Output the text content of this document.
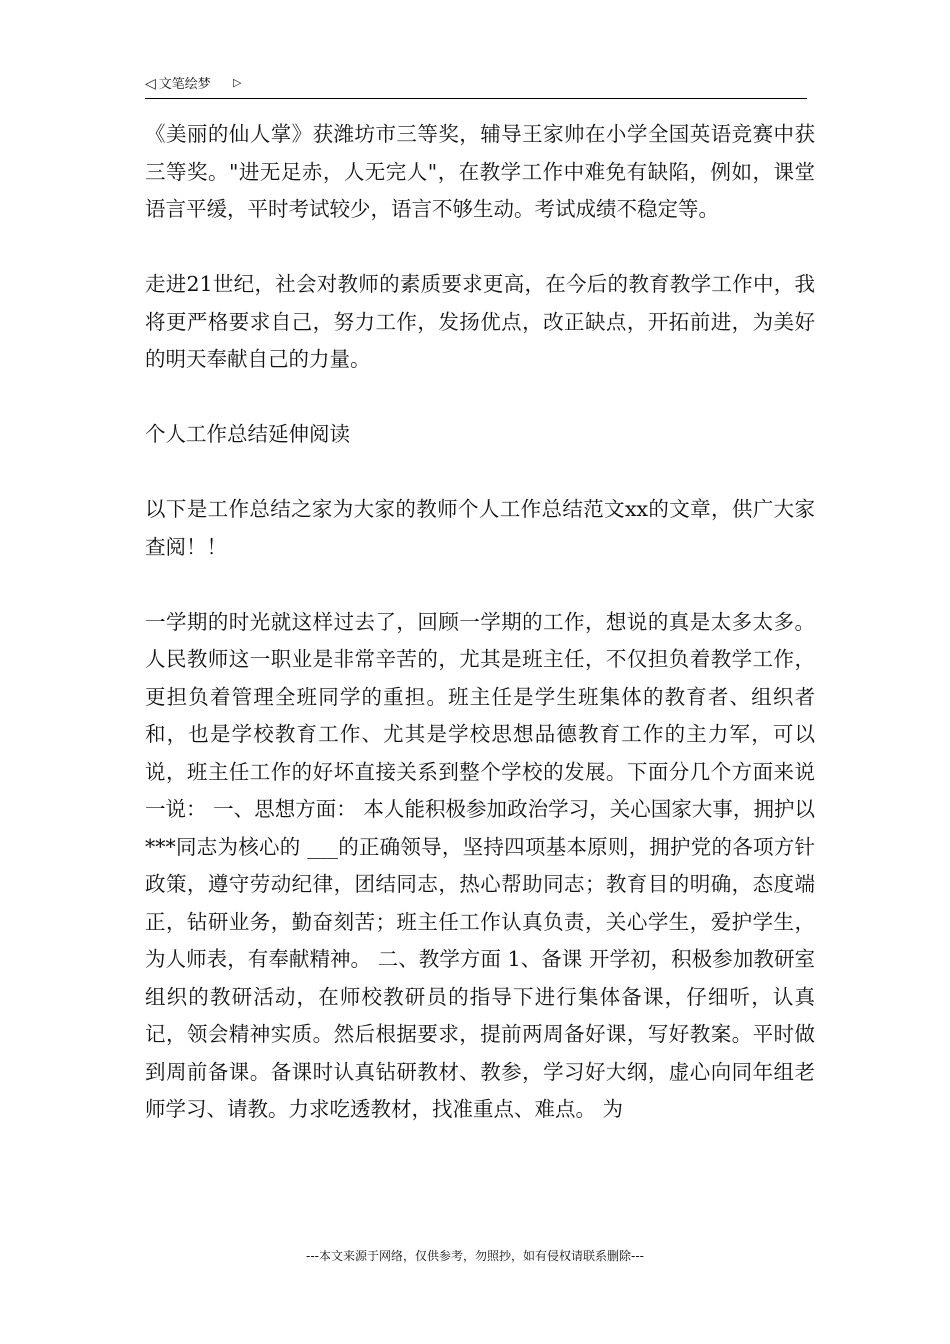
◁ 文笔绘梦 ▷

《美丽的仙人掌》获潍坊市三等奖，辅导王家帅在小学全国英语竞赛中获三等奖。"进无足赤，人无完人"，在教学工作中难免有缺陷，例如，课堂语言平缓，平时考试较少，语言不够生动。考试成绩不稳定等。

走进21世纪，社会对教师的素质要求更高，在今后的教育教学工作中，我将更严格要求自己，努力工作，发扬优点，改正缺点，开拓前进，为美好的明天奉献自己的力量。

个人工作总结延伸阅读

以下是工作总结之家为大家的教师个人工作总结范文xx的文章，供广大家查阅！！

一学期的时光就这样过去了，回顾一学期的工作，想说的真是太多太多。人民教师这一职业是非常辛苦的，尤其是班主任，不仅担负着教学工作，更担负着管理全班同学的重担。班主任是学生班集体的教育者、组织者和，也是学校教育工作、尤其是学校思想品德教育工作的主力军，可以说，班主任工作的好坏直接关系到整个学校的发展。下面分几个方面来说一说： 一、思想方面： 本人能积极参加政治学习，关心国家大事，拥护以***同志为核心的 ___的正确领导，坚持四项基本原则，拥护党的各项方针政策，遵守劳动纪律，团结同志，热心帮助同志；教育目的明确，态度端正，钻研业务，勤奋刻苦；班主任工作认真负责，关心学生，爱护学生，为人师表，有奉献精神。 二、教学方面 1、备课 开学初，积极参加教研室组织的教研活动，在师校教研员的指导下进行集体备课，仔细听，认真记，领会精神实质。然后根据要求，提前两周备好课，写好教案。平时做到周前备课。备课时认真钻研教材、教参，学习好大纲，虚心向同年组老师学习、请教。力求吃透教材，找准重点、难点。 为

---本文来源于网络，仅供参考，勿照抄，如有侵权请联系删除---
